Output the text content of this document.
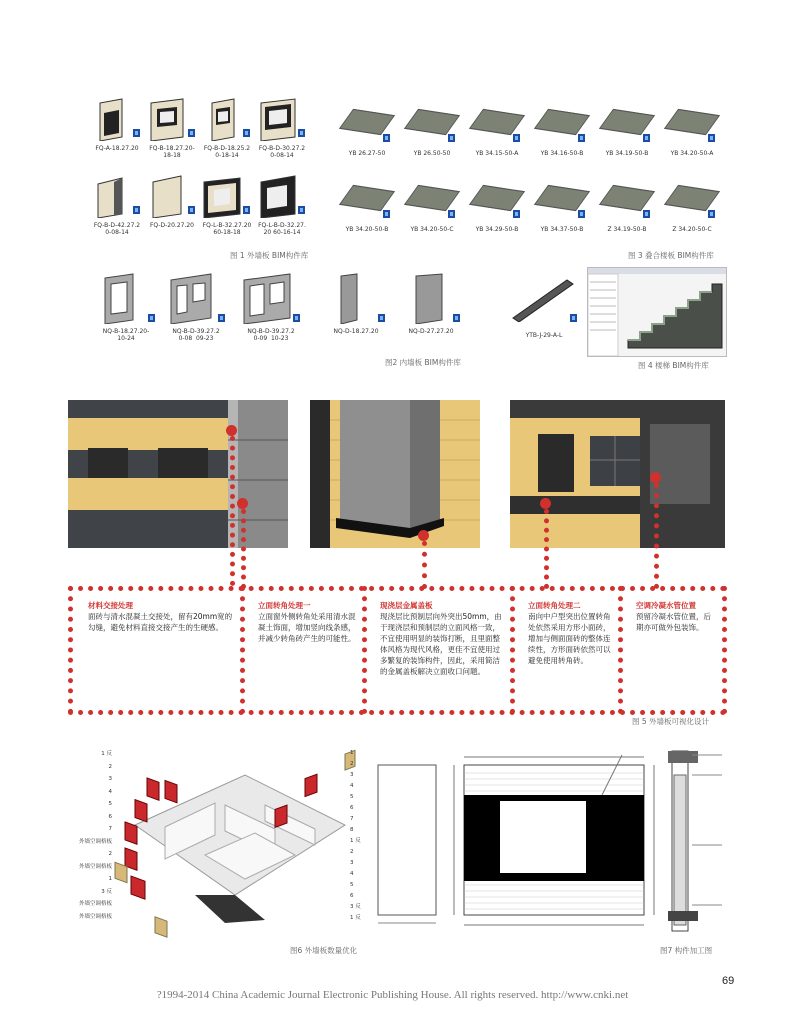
FQ-A-18.27.20	FQ-B-18.27.20-
18-18
FQ-B-D-18.25.2
0-18-14
FQ-B-D-30.27.2
0-08-14
FQ-B-D-42.27.2
0-08-14
FQ-D-20.27.20	FQ-L-B-32.27.20
60-18-18
FQ-L-B-D-32.27.
20 60-16-14
图 1 外墙板 BIM构件库
YB 26.27-50	YB 26.50-50	YB 34.15-50-A	YB 34.16-50-B	YB 34.19-50-B	YB 34.20-50-A
YB 34.20-50-B	YB 34.20-50-C	YB 34.29-50-B	YB 34.37-50-B	Z 34.19-50-B	Z 34.20-50-C
图 3 叠合楼板 BIM构件库
NQ-B-18.27.20-
10-24
NQ-B-D-39.27.2
0-08  09-23
NQ-B-D-39.27.2
0-09  10-23
NQ-D-18.27.20	NQ-D-27.27.20
图2 内墙板 BIM构件库
YTB-J-29-A-L
图 4 楼梯 BIM构件库
材料交接处理
面砖与清水混凝土交接处，留有20mm宽的勾缝，避免材料直接交接产生的生硬感。
立面转角处理一
立面窗外侧转角处采用清水混凝土饰面，增加竖向线条感，并减少转角砖产生的可能性。
现浇层金属盖板
现浇层比预制层向外突出50mm，由于现浇层和预制层的立面风格一致，不宜使用明显的装饰打断，且里面整体风格为现代风格，更佳不宜使用过多繁复的装饰构件，因此，采用简洁的金属盖板解决立面收口问题。
立面转角处理二
南向中户型突出位置转角处依然采用方形小面砖，增加与侧面面砖的整体连续性，方形面砖依然可以避免使用转角砖。
空调冷凝水管位置
预留冷凝水管位置，后期亦可做外包装饰。
图 5 外墙板可视化设计
1 反
2
3
4
5
6
7
外墙空调格板
2
外墙空调格板
1
3 反
外墙空调格板
外墙空调格板
1
2
3
4
5
6
7
8
1 反
2
3
4
5
6
3 反
1 反
图6 外墙板数量优化	图7 构件加工图
69
?1994-2014 China Academic Journal Electronic Publishing House. All rights reserved. http://www.cnki.net
